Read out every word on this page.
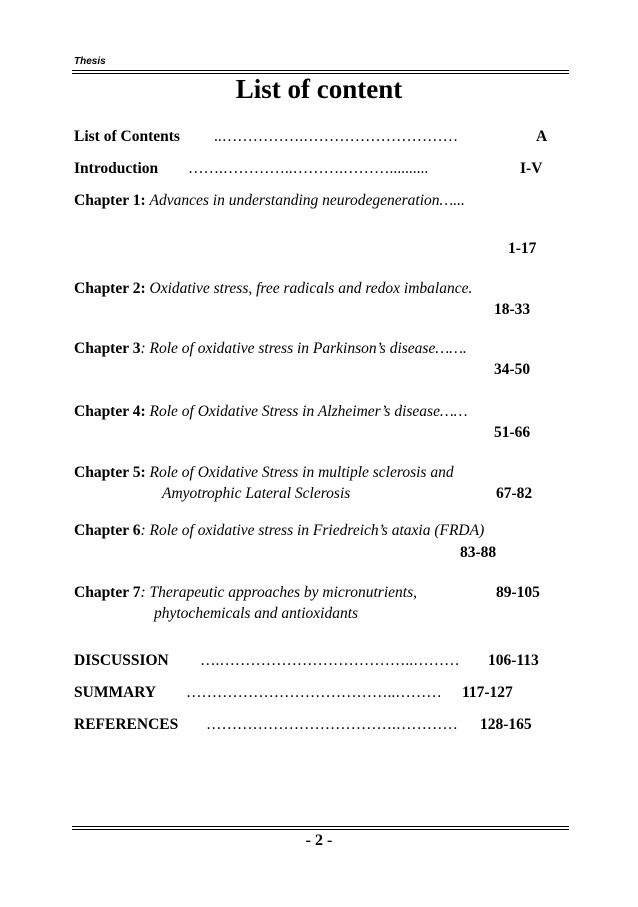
Thesis
List of content
List of Contents ..…………….…………………………	A
Introduction …….…………..……….………..........	I-V
Chapter 1: Advances in understanding neurodegeneration…...
1-17
Chapter 2: Oxidative stress, free radicals and redox imbalance.
18-33
Chapter 3: Role of oxidative stress in Parkinson’s disease…….
34-50
Chapter 4: Role of Oxidative Stress in Alzheimer’s disease……
51-66
Chapter 5: Role of Oxidative Stress in multiple sclerosis and
Amyotrophic Lateral Sclerosis	67-82
Chapter 6: Role of oxidative stress in Friedreich’s ataxia (FRDA)
83-88
Chapter 7: Therapeutic approaches by micronutrients,	89-105
phytochemicals and antioxidants
DISCUSSION ….………………………………..……… 106-113
SUMMARY …………………………………..……… 117-127
REFERENCES ……………………………….………… 128-165
- 2 -
